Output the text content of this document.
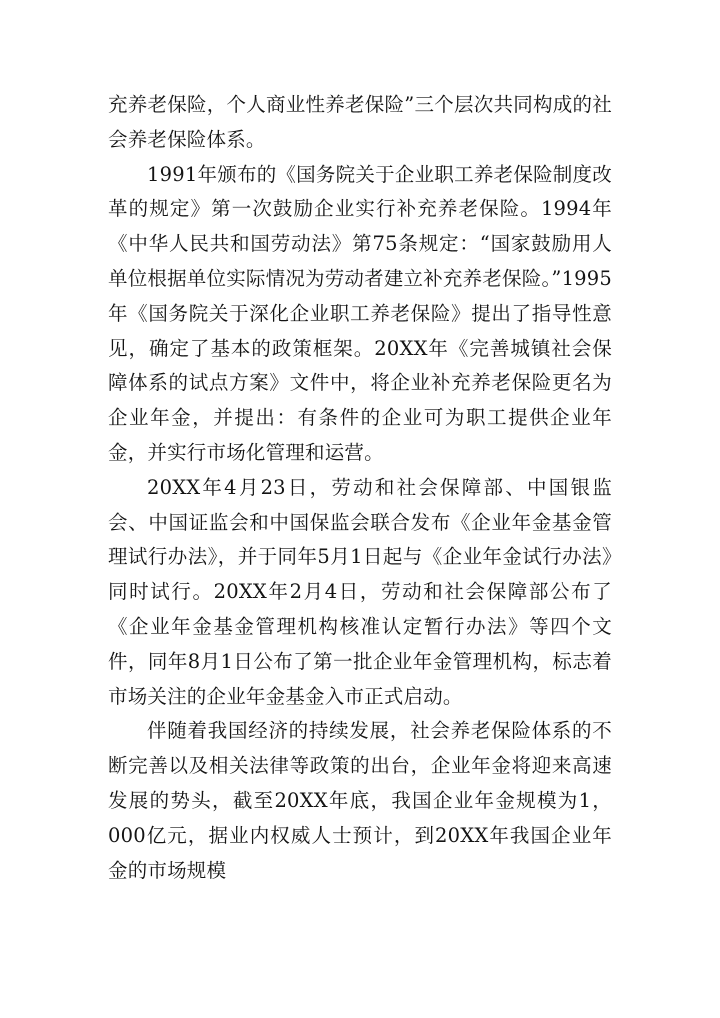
充养老保险，个人商业性养老保险”三个层次共同构成的社会养老保险体系。

1991年颁布的《国务院关于企业职工养老保险制度改革的规定》第一次鼓励企业实行补充养老保险。1994年《中华人民共和国劳动法》第75条规定：“国家鼓励用人单位根据单位实际情况为劳动者建立补充养老保险。”1995年《国务院关于深化企业职工养老保险》提出了指导性意见，确定了基本的政策框架。20XX年《完善城镇社会保障体系的试点方案》文件中，将企业补充养老保险更名为企业年金，并提出：有条件的企业可为职工提供企业年金，并实行市场化管理和运营。

20XX年4月23日，劳动和社会保障部、中国银监会、中国证监会和中国保监会联合发布《企业年金基金管理试行办法》，并于同年5月1日起与《企业年金试行办法》同时试行。20XX年2月4日，劳动和社会保障部公布了《企业年金基金管理机构核准认定暂行办法》等四个文件，同年8月1日公布了第一批企业年金管理机构，标志着市场关注的企业年金基金入市正式启动。

伴随着我国经济的持续发展，社会养老保险体系的不断完善以及相关法律等政策的出台，企业年金将迎来高速发展的势头，截至20XX年底，我国企业年金规模为1，000亿元，据业内权威人士预计，到20XX年我国企业年金的市场规模
